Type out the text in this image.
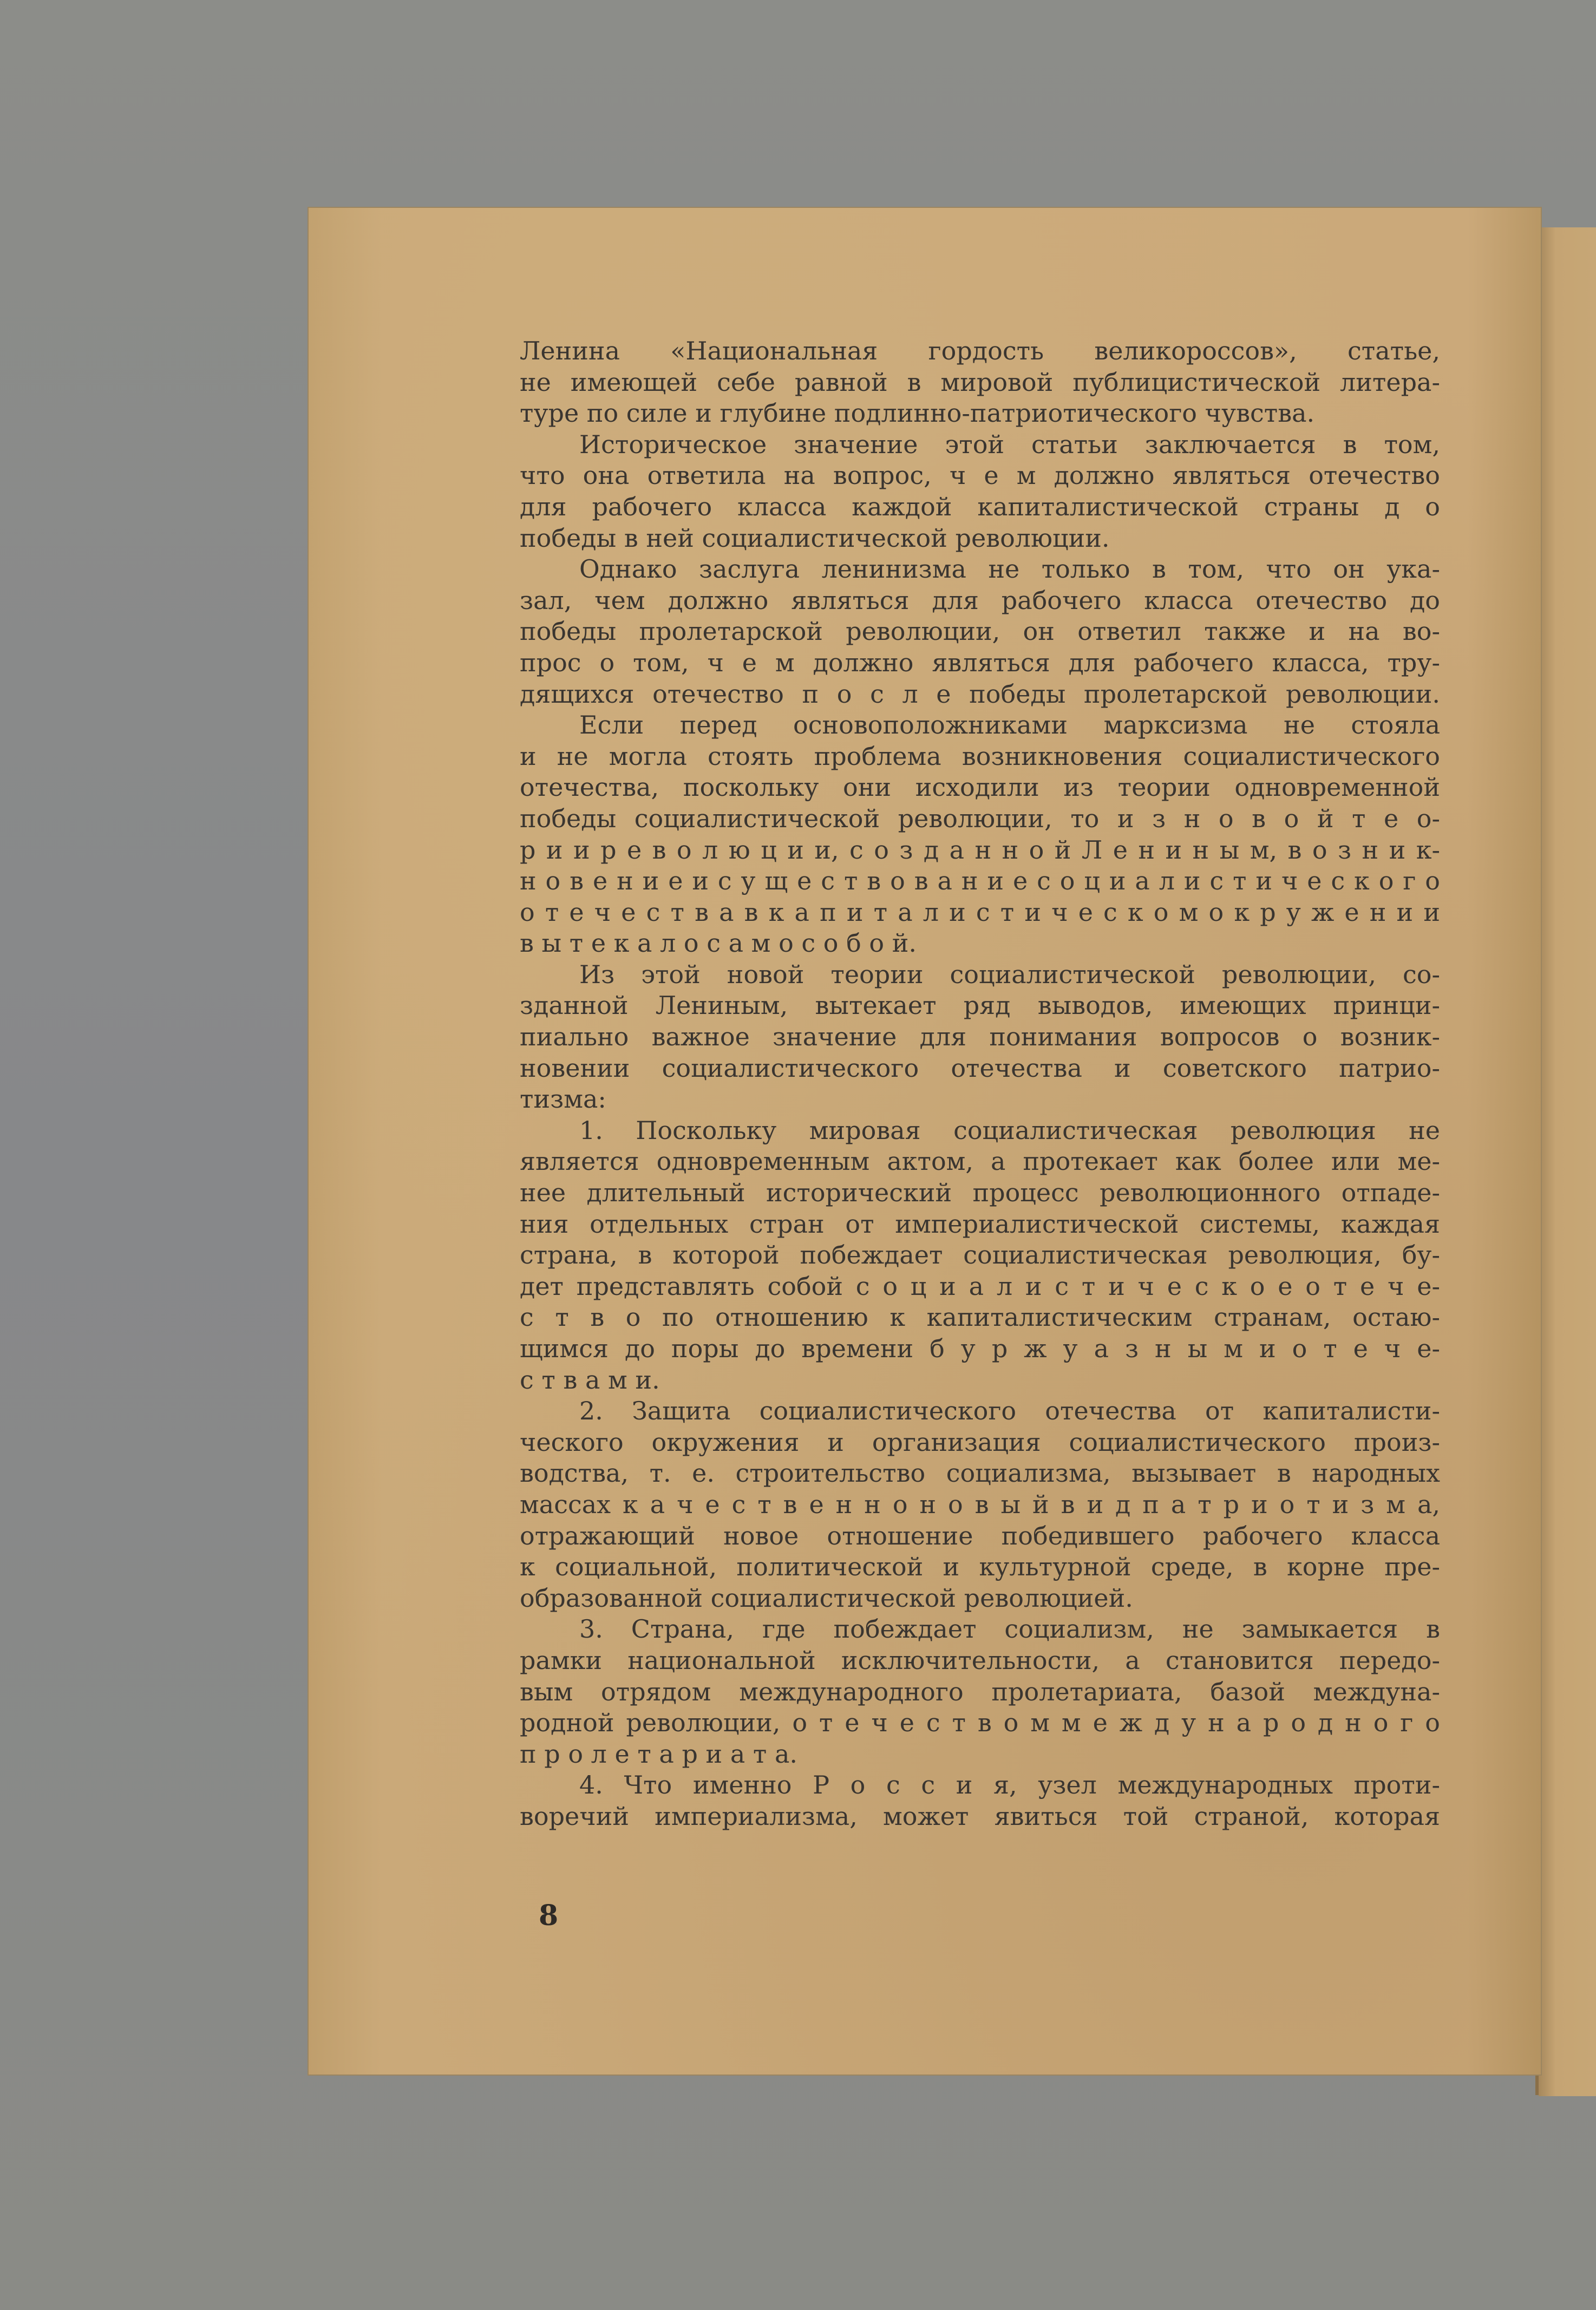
Ленина «Национальная гордость великороссов», статье,

не имеющей себе равной в мировой публицистической литера-

туре по силе и глубине подлинно-патриотического чувства.

Историческое значение этой статьи заключается в том,

что она ответила на вопрос, ч е м должно являться отечество

для рабочего класса каждой капиталистической страны д о

победы в ней социалистической революции.

Однако заслуга ленинизма не только в том, что он ука-

зал, чем должно являться для рабочего класса отечество до

победы пролетарской революции, он ответил также и на во-

прос о том, ч е м должно являться для рабочего класса, тру-

дящихся отечество п о с л е победы пролетарской революции.

Если перед основоположниками марксизма не стояла

и не могла стоять проблема возникновения социалистического

отечества, поскольку они исходили из теории одновременной

победы социалистической революции, то и з н о в о й т е о-

р и и р е в о л ю ц и и, с о з д а н н о й Л е н и н ы м, в о з н и к-

н о в е н и е и с у щ е с т в о в а н и е с о ц и а л и с т и ч е с к о г о

о т е ч е с т в а в к а п и т а л и с т и ч е с к о м о к р у ж е н и и

в ы т е к а л о с а м о с о б о й.

Из этой новой теории социалистической революции, со-

зданной Лениным, вытекает ряд выводов, имеющих принци-

пиально важное значение для понимания вопросов о возник-

новении социалистического отечества и советского патрио-

тизма:

1. Поскольку мировая социалистическая революция не

является одновременным актом, а протекает как более или ме-

нее длительный исторический процесс революционного отпаде-

ния отдельных стран от империалистической системы, каждая

страна, в которой побеждает социалистическая революция, бу-

дет представлять собой с о ц и а л и с т и ч е с к о е о т е ч е-

с т в о по отношению к капиталистическим странам, остаю-

щимся до поры до времени б у р ж у а з н ы м и о т е ч е-

с т в а м и.

2. Защита социалистического отечества от капиталисти-

ческого окружения и организация социалистического произ-

водства, т. е. строительство социализма, вызывает в народных

массах к а ч е с т в е н н о н о в ы й в и д п а т р и о т и з м а,

отражающий новое отношение победившего рабочего класса

к социальной, политической и культурной среде, в корне пре-

образованной социалистической революцией.

3. Страна, где побеждает социализм, не замыкается в

рамки национальной исключительности, а становится передо-

вым отрядом международного пролетариата, базой междуна-

родной революции, о т е ч е с т в о м м е ж д у н а р о д н о г о

п р о л е т а р и а т а.

4. Что именно Р о с с и я, узел международных проти-

воречий империализма, может явиться той страной, которая

8
